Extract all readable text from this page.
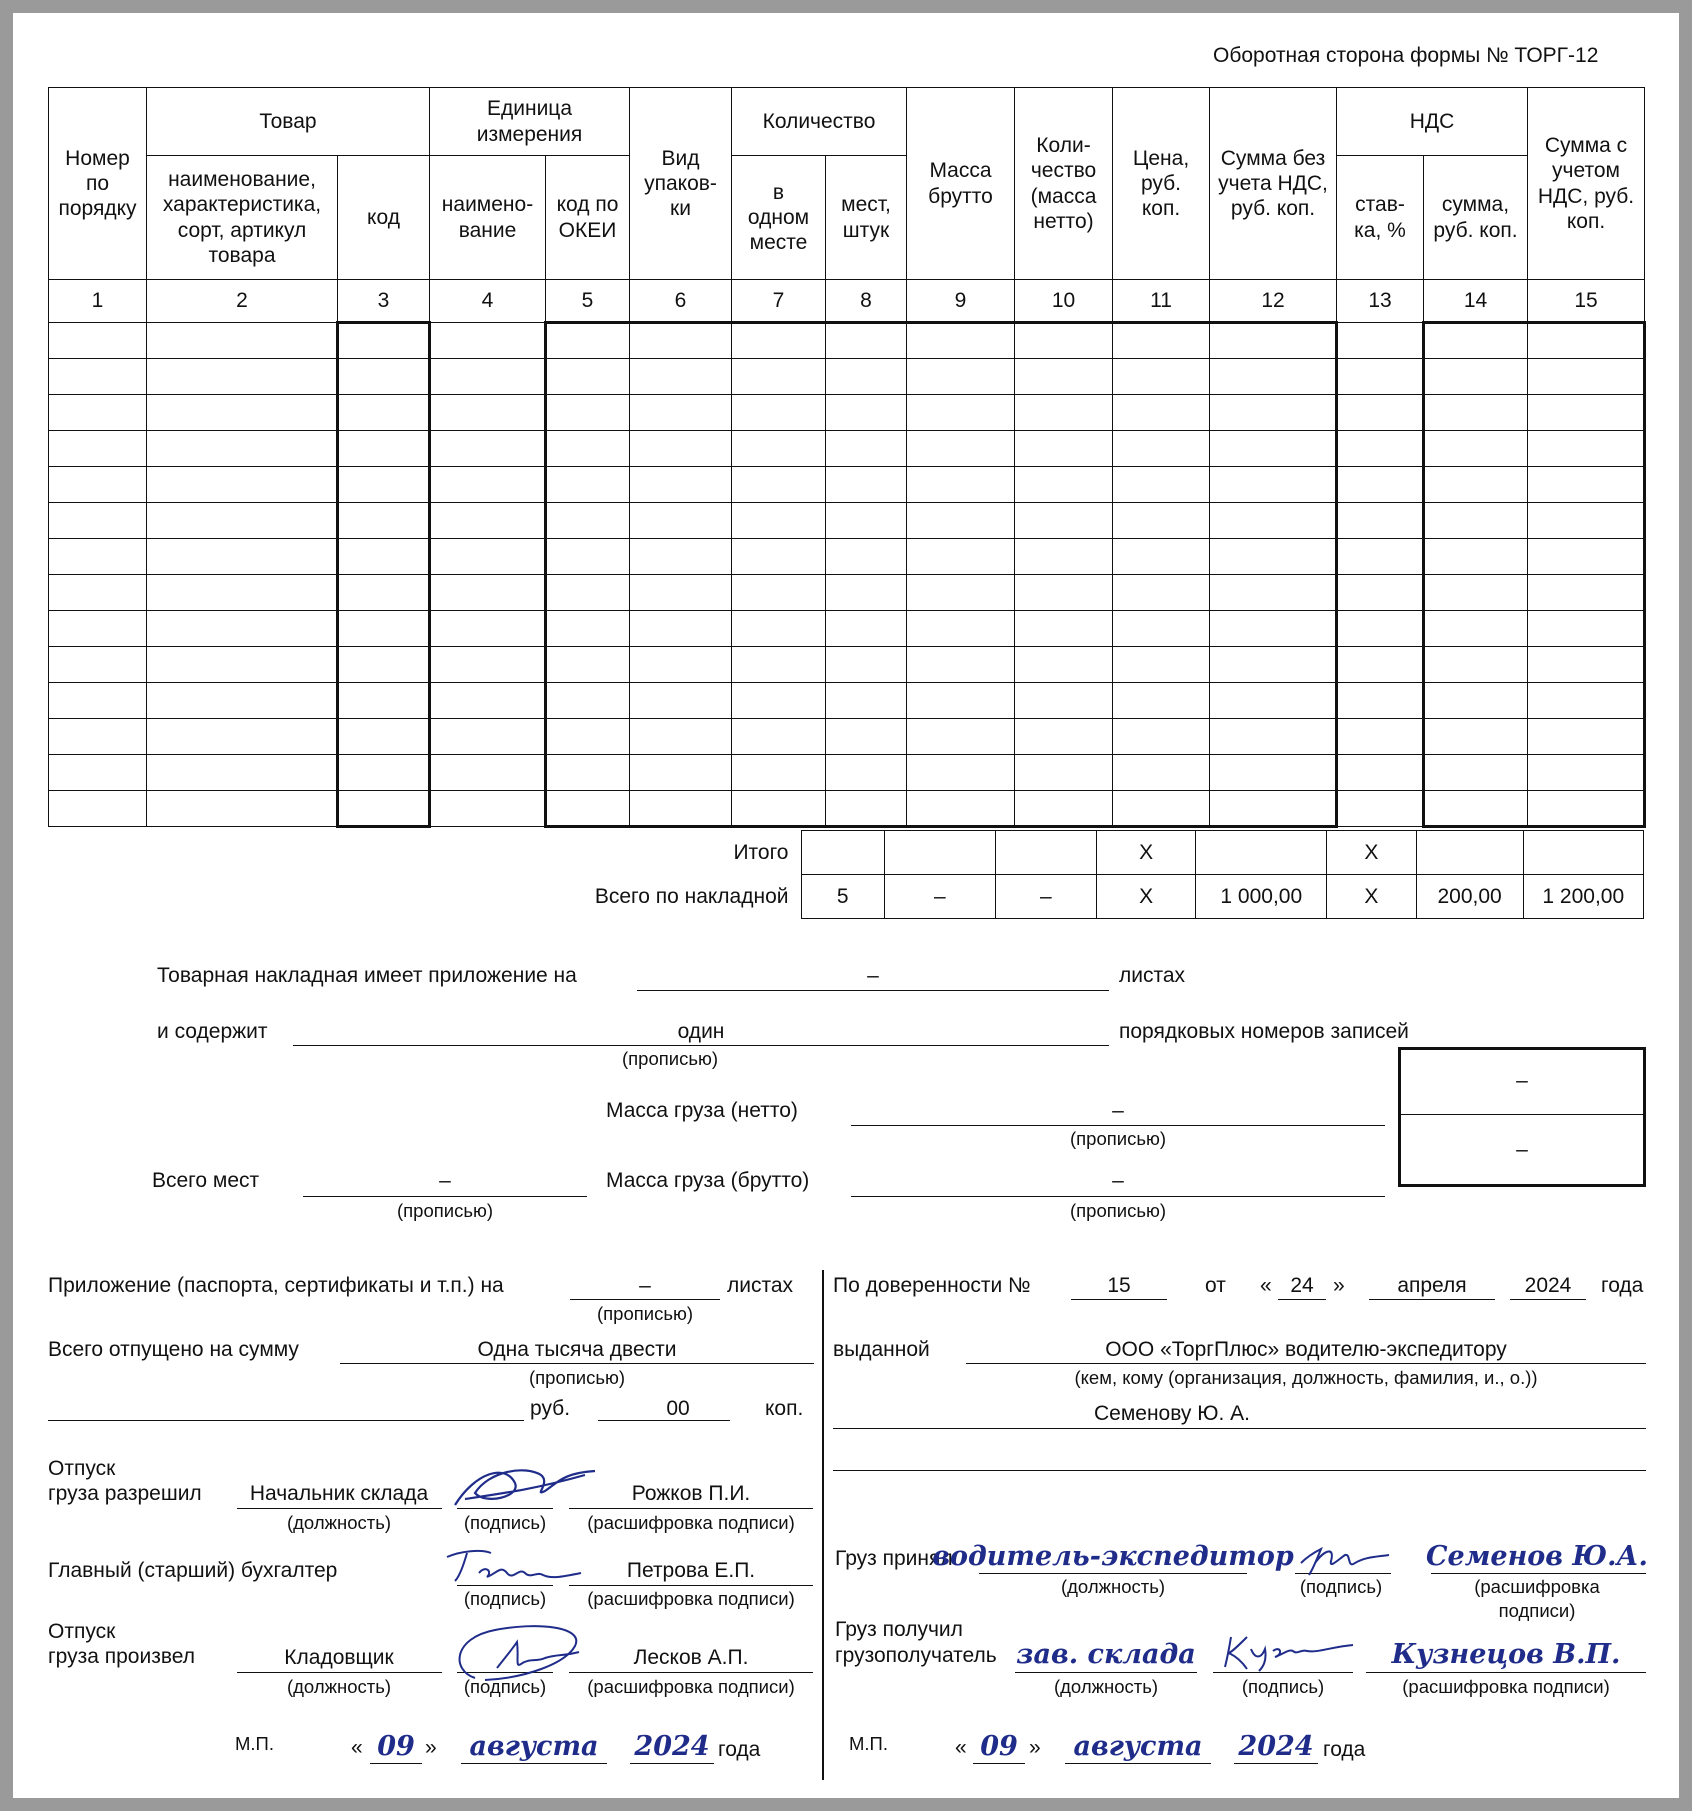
Оборотная сторона формы № ТОРГ-12
Номер по порядку	Товар		Единица измерения		Вид упаков-ки	Количество		Масса брутто	Коли-чество (масса нетто)	Цена, руб. коп.	Сумма без учета НДС, руб. коп.	НДС		Сумма с учетом НДС, руб. коп.
	наименование, характеристика, сорт, артикул товара	код	наимено-вание	код по ОКЕИ		в одном месте	мест, штук					став-ка, %	сумма, руб. коп.	
1	2	3	4	5	6	7	8	9	10	11	12	13	14	15

Итого				X		X		
Всего по накладной	5	–	–	X	1 000,00	X	200,00	1 200,00
Товарная накладная имеет приложение на	–	листах
и содержит	один
(прописью)
порядковых номеров записей
Масса груза (нетто)	–
(прописью)
Всего мест	–
(прописью)
Масса груза (брутто)	–
(прописью)
–
–
Приложение (паспорта, сертификаты и т.п.) на	–
(прописью)
листах
Всего отпущено на сумму	Одна тысяча двести
(прописью)
руб.	00	коп.
Отпуск
груза разрешил Начальник склада
(должность)	(подпись)
Рожков П.И.
(расшифровка подписи)
Главный (старший) бухгалтер
(подпись)
Петрова Е.П.
(расшифровка подписи)
Отпуск
груза произвел	Кладовщик
(должность)	(подпись)
Лесков А.П.
(расшифровка подписи)
М.П.	« 09 » августа 2024 года
По доверенности №	15	от « 24 »	апреля	2024 года
выданной	ООО «ТоргПлюс» водителю-экспедитору
(кем, кому (организация, должность, фамилия, и., о.))
Семенову Ю. А.
Груз принял
водитель-экспедитор
(должность)	(подпись)
Семенов Ю.А.
(расшифровка
подписи)
Груз получил
грузополучатель зав. склада
(должность)	(подпись)
Кузнецов В.П.
(расшифровка подписи)
М.П.	« 09 » августа 2024 года
